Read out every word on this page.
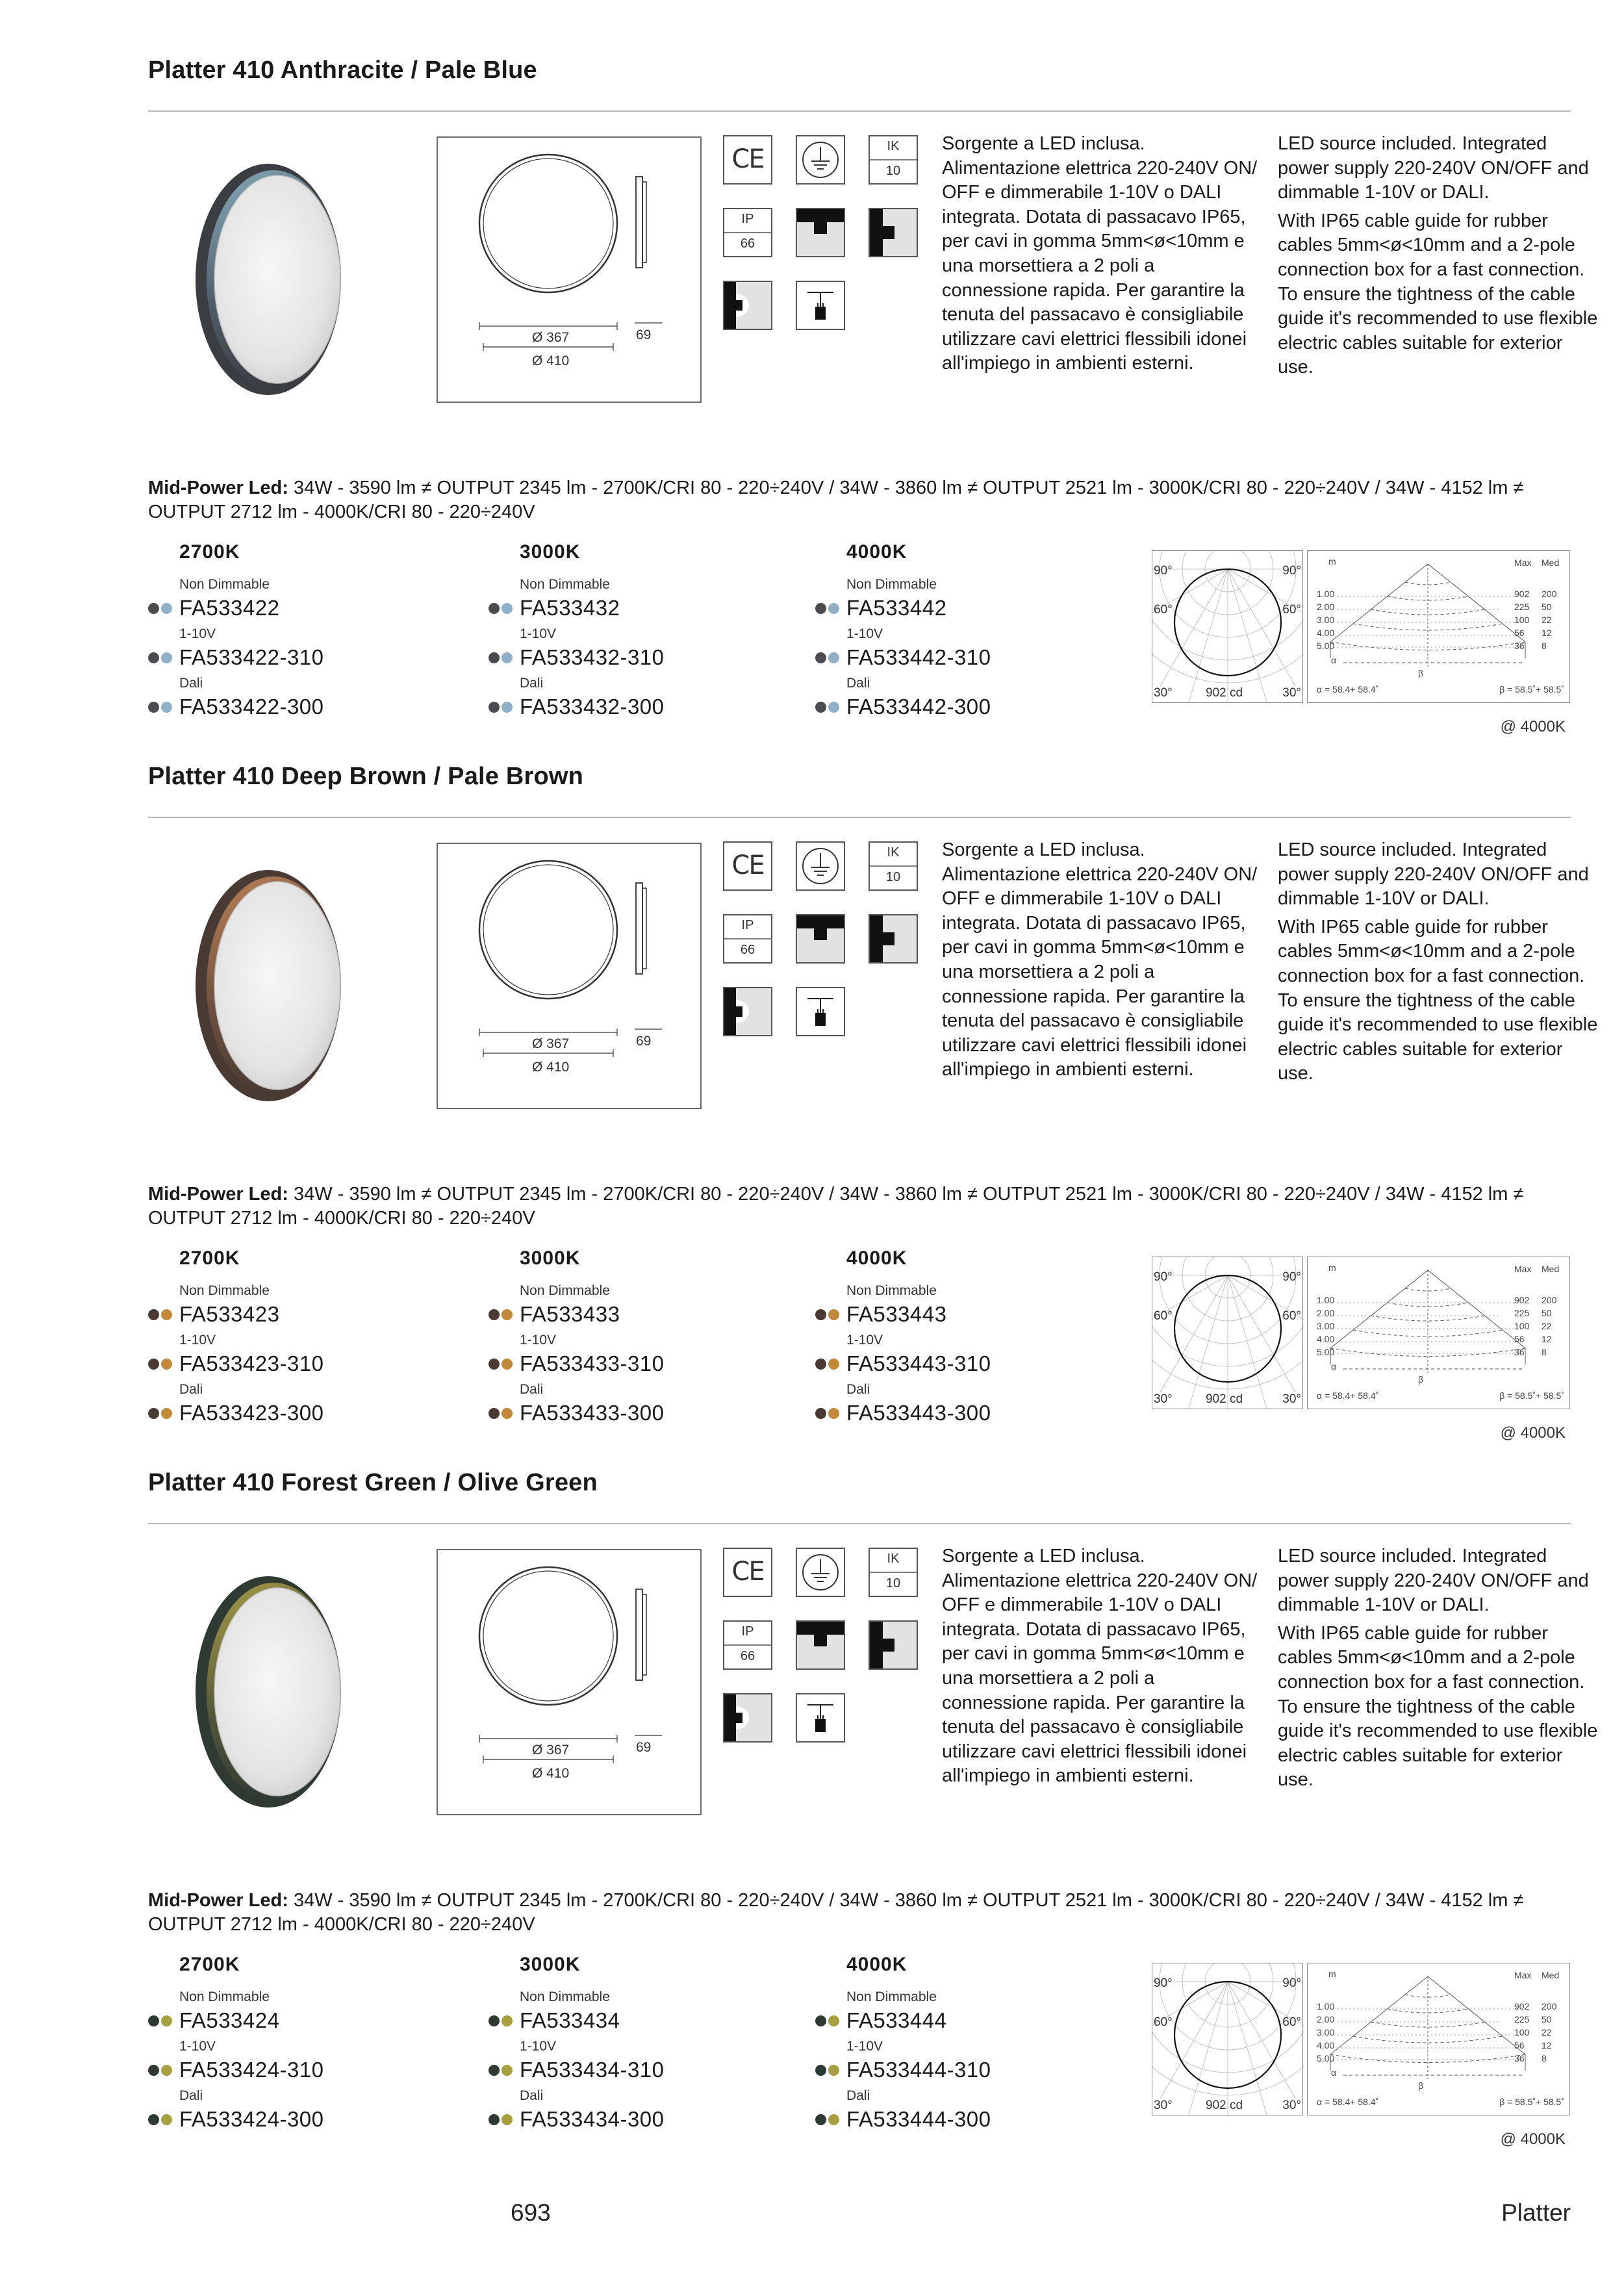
Platter 410 Anthracite / Pale Blue
Ø 367
Ø 410
69
CE	IK
10
IP
66
Sorgente a LED inclusa. Alimentazione elettrica 220-240V ON/ OFF e dimmerabile 1-10V o DALI integrata. Dotata di passacavo IP65, per cavi in gomma 5mm<ø<10mm e una morsettiera a 2 poli a connessione rapida. Per garantire la tenuta del passacavo è consigliabile utilizzare cavi elettrici flessibili idonei all'impiego in ambienti esterni.

LED source included. Integrated power supply 220-240V ON/OFF and dimmable 1-10V or DALI.

With IP65 cable guide for rubber cables 5mm<ø<10mm and a 2-pole connection box for a fast connection. To ensure the tightness of the cable guide it's recommended to use flexible electric cables suitable for exterior use.

Mid-Power Led: 34W - 3590 lm ≠ OUTPUT 2345 lm - 2700K/CRI 80 - 220÷240V / 34W - 3860 lm ≠ OUTPUT 2521 lm - 3000K/CRI 80 - 220÷240V / 34W - 4152 lm ≠ OUTPUT 2712 lm - 4000K/CRI 80 - 220÷240V
2700K
Non Dimmable
FA533422
1-10V
FA533422-310
Dali
FA533422-300
3000K
Non Dimmable
FA533432
1-10V
FA533432-310
Dali
FA533432-300
4000K
Non Dimmable
FA533442
1-10V
FA533442-310
Dali
FA533442-300
90°	90°
60°	60°
30°	30°
902 cd
m	Max Med
1.00	902 200
2.00	225 50
3.00	100 22
4.00	56 12
5.00	36 8
α
β
α = 58.4+ 58.4˚	β = 58.5˚+ 58.5˚
@ 4000K
Platter 410 Deep Brown / Pale Brown
Ø 367
Ø 410
69
CE	IK
10
IP
66
Sorgente a LED inclusa. Alimentazione elettrica 220-240V ON/ OFF e dimmerabile 1-10V o DALI integrata. Dotata di passacavo IP65, per cavi in gomma 5mm<ø<10mm e una morsettiera a 2 poli a connessione rapida. Per garantire la tenuta del passacavo è consigliabile utilizzare cavi elettrici flessibili idonei all'impiego in ambienti esterni.

LED source included. Integrated power supply 220-240V ON/OFF and dimmable 1-10V or DALI.

With IP65 cable guide for rubber cables 5mm<ø<10mm and a 2-pole connection box for a fast connection. To ensure the tightness of the cable guide it's recommended to use flexible electric cables suitable for exterior use.

Mid-Power Led: 34W - 3590 lm ≠ OUTPUT 2345 lm - 2700K/CRI 80 - 220÷240V / 34W - 3860 lm ≠ OUTPUT 2521 lm - 3000K/CRI 80 - 220÷240V / 34W - 4152 lm ≠ OUTPUT 2712 lm - 4000K/CRI 80 - 220÷240V
2700K
Non Dimmable
FA533423
1-10V
FA533423-310
Dali
FA533423-300
3000K
Non Dimmable
FA533433
1-10V
FA533433-310
Dali
FA533433-300
4000K
Non Dimmable
FA533443
1-10V
FA533443-310
Dali
FA533443-300
90°	90°
60°	60°
30°	30°
902 cd
m	Max Med
1.00	902 200
2.00	225 50
3.00	100 22
4.00	56 12
5.00	36 8
α
β
α = 58.4+ 58.4˚	β = 58.5˚+ 58.5˚
@ 4000K
Platter 410 Forest Green / Olive Green
Ø 367
Ø 410
69
CE	IK
10
IP
66
Sorgente a LED inclusa. Alimentazione elettrica 220-240V ON/ OFF e dimmerabile 1-10V o DALI integrata. Dotata di passacavo IP65, per cavi in gomma 5mm<ø<10mm e una morsettiera a 2 poli a connessione rapida. Per garantire la tenuta del passacavo è consigliabile utilizzare cavi elettrici flessibili idonei all'impiego in ambienti esterni.

LED source included. Integrated power supply 220-240V ON/OFF and dimmable 1-10V or DALI.

With IP65 cable guide for rubber cables 5mm<ø<10mm and a 2-pole connection box for a fast connection. To ensure the tightness of the cable guide it's recommended to use flexible electric cables suitable for exterior use.

Mid-Power Led: 34W - 3590 lm ≠ OUTPUT 2345 lm - 2700K/CRI 80 - 220÷240V / 34W - 3860 lm ≠ OUTPUT 2521 lm - 3000K/CRI 80 - 220÷240V / 34W - 4152 lm ≠ OUTPUT 2712 lm - 4000K/CRI 80 - 220÷240V
2700K
Non Dimmable
FA533424
1-10V
FA533424-310
Dali
FA533424-300
3000K
Non Dimmable
FA533434
1-10V
FA533434-310
Dali
FA533434-300
4000K
Non Dimmable
FA533444
1-10V
FA533444-310
Dali
FA533444-300
90°	90°
60°	60°
30°	30°
902 cd
m	Max Med
1.00	902 200
2.00	225 50
3.00	100 22
4.00	56 12
5.00	36 8
α
β
α = 58.4+ 58.4˚	β = 58.5˚+ 58.5˚
@ 4000K
693	Platter
